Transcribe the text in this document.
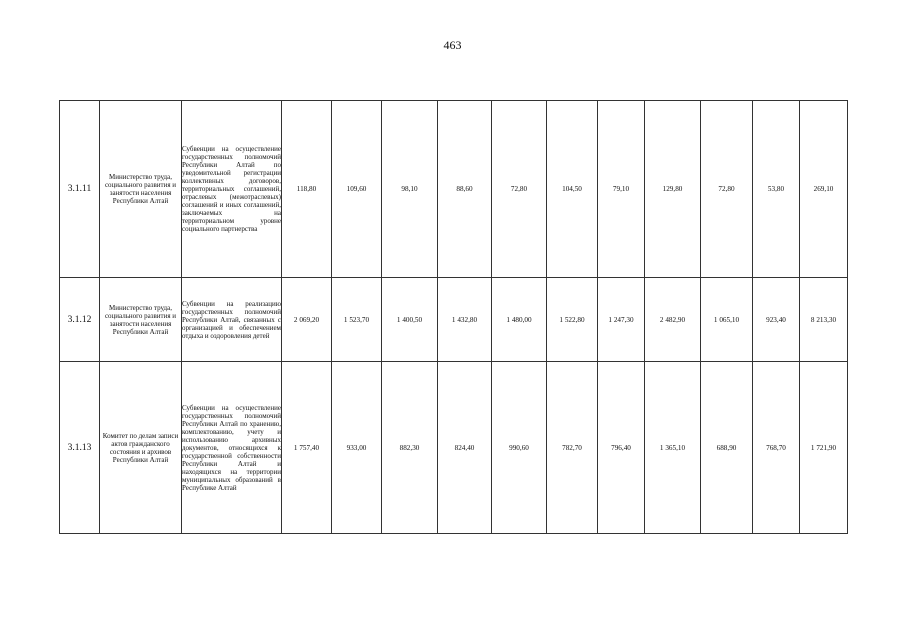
463
3.1.11	Министерство труда, социального развития и занятости населения Республики Алтай	Субвенции на осуществление государственных полномочий Республики Алтай по уведомительной регистрации коллективных договоров, территориальных соглашений, отраслевых (межотраслевых) соглашений и иных соглашений, заключаемых на территориальном уровне социального партнерства	118,80	109,60	98,10	88,60	72,80	104,50	79,10	129,80	72,80	53,80	269,10
3.1.12	Министерство труда, социального развития и занятости населения Республики Алтай	Субвенции на реализацию государственных полномочий Республики Алтай, связанных с организацией и обеспечением отдыха и оздоровления детей	2 069,20	1 523,70	1 400,50	1 432,80	1 480,00	1 522,80	1 247,30	2 482,90	1 065,10	923,40	8 213,30
3.1.13	Комитет по делам записи актов гражданского состояния и архивов Республики Алтай	Субвенции на осуществление государственных полномочий Республики Алтай по хранению, комплектованию, учету и использованию архивных документов, относящихся к государственной собственности Республики Алтай и находящихся на территории муниципальных образований в Республике Алтай	1 757,40	933,00	882,30	824,40	990,60	782,70	796,40	1 365,10	688,90	768,70	1 721,90
